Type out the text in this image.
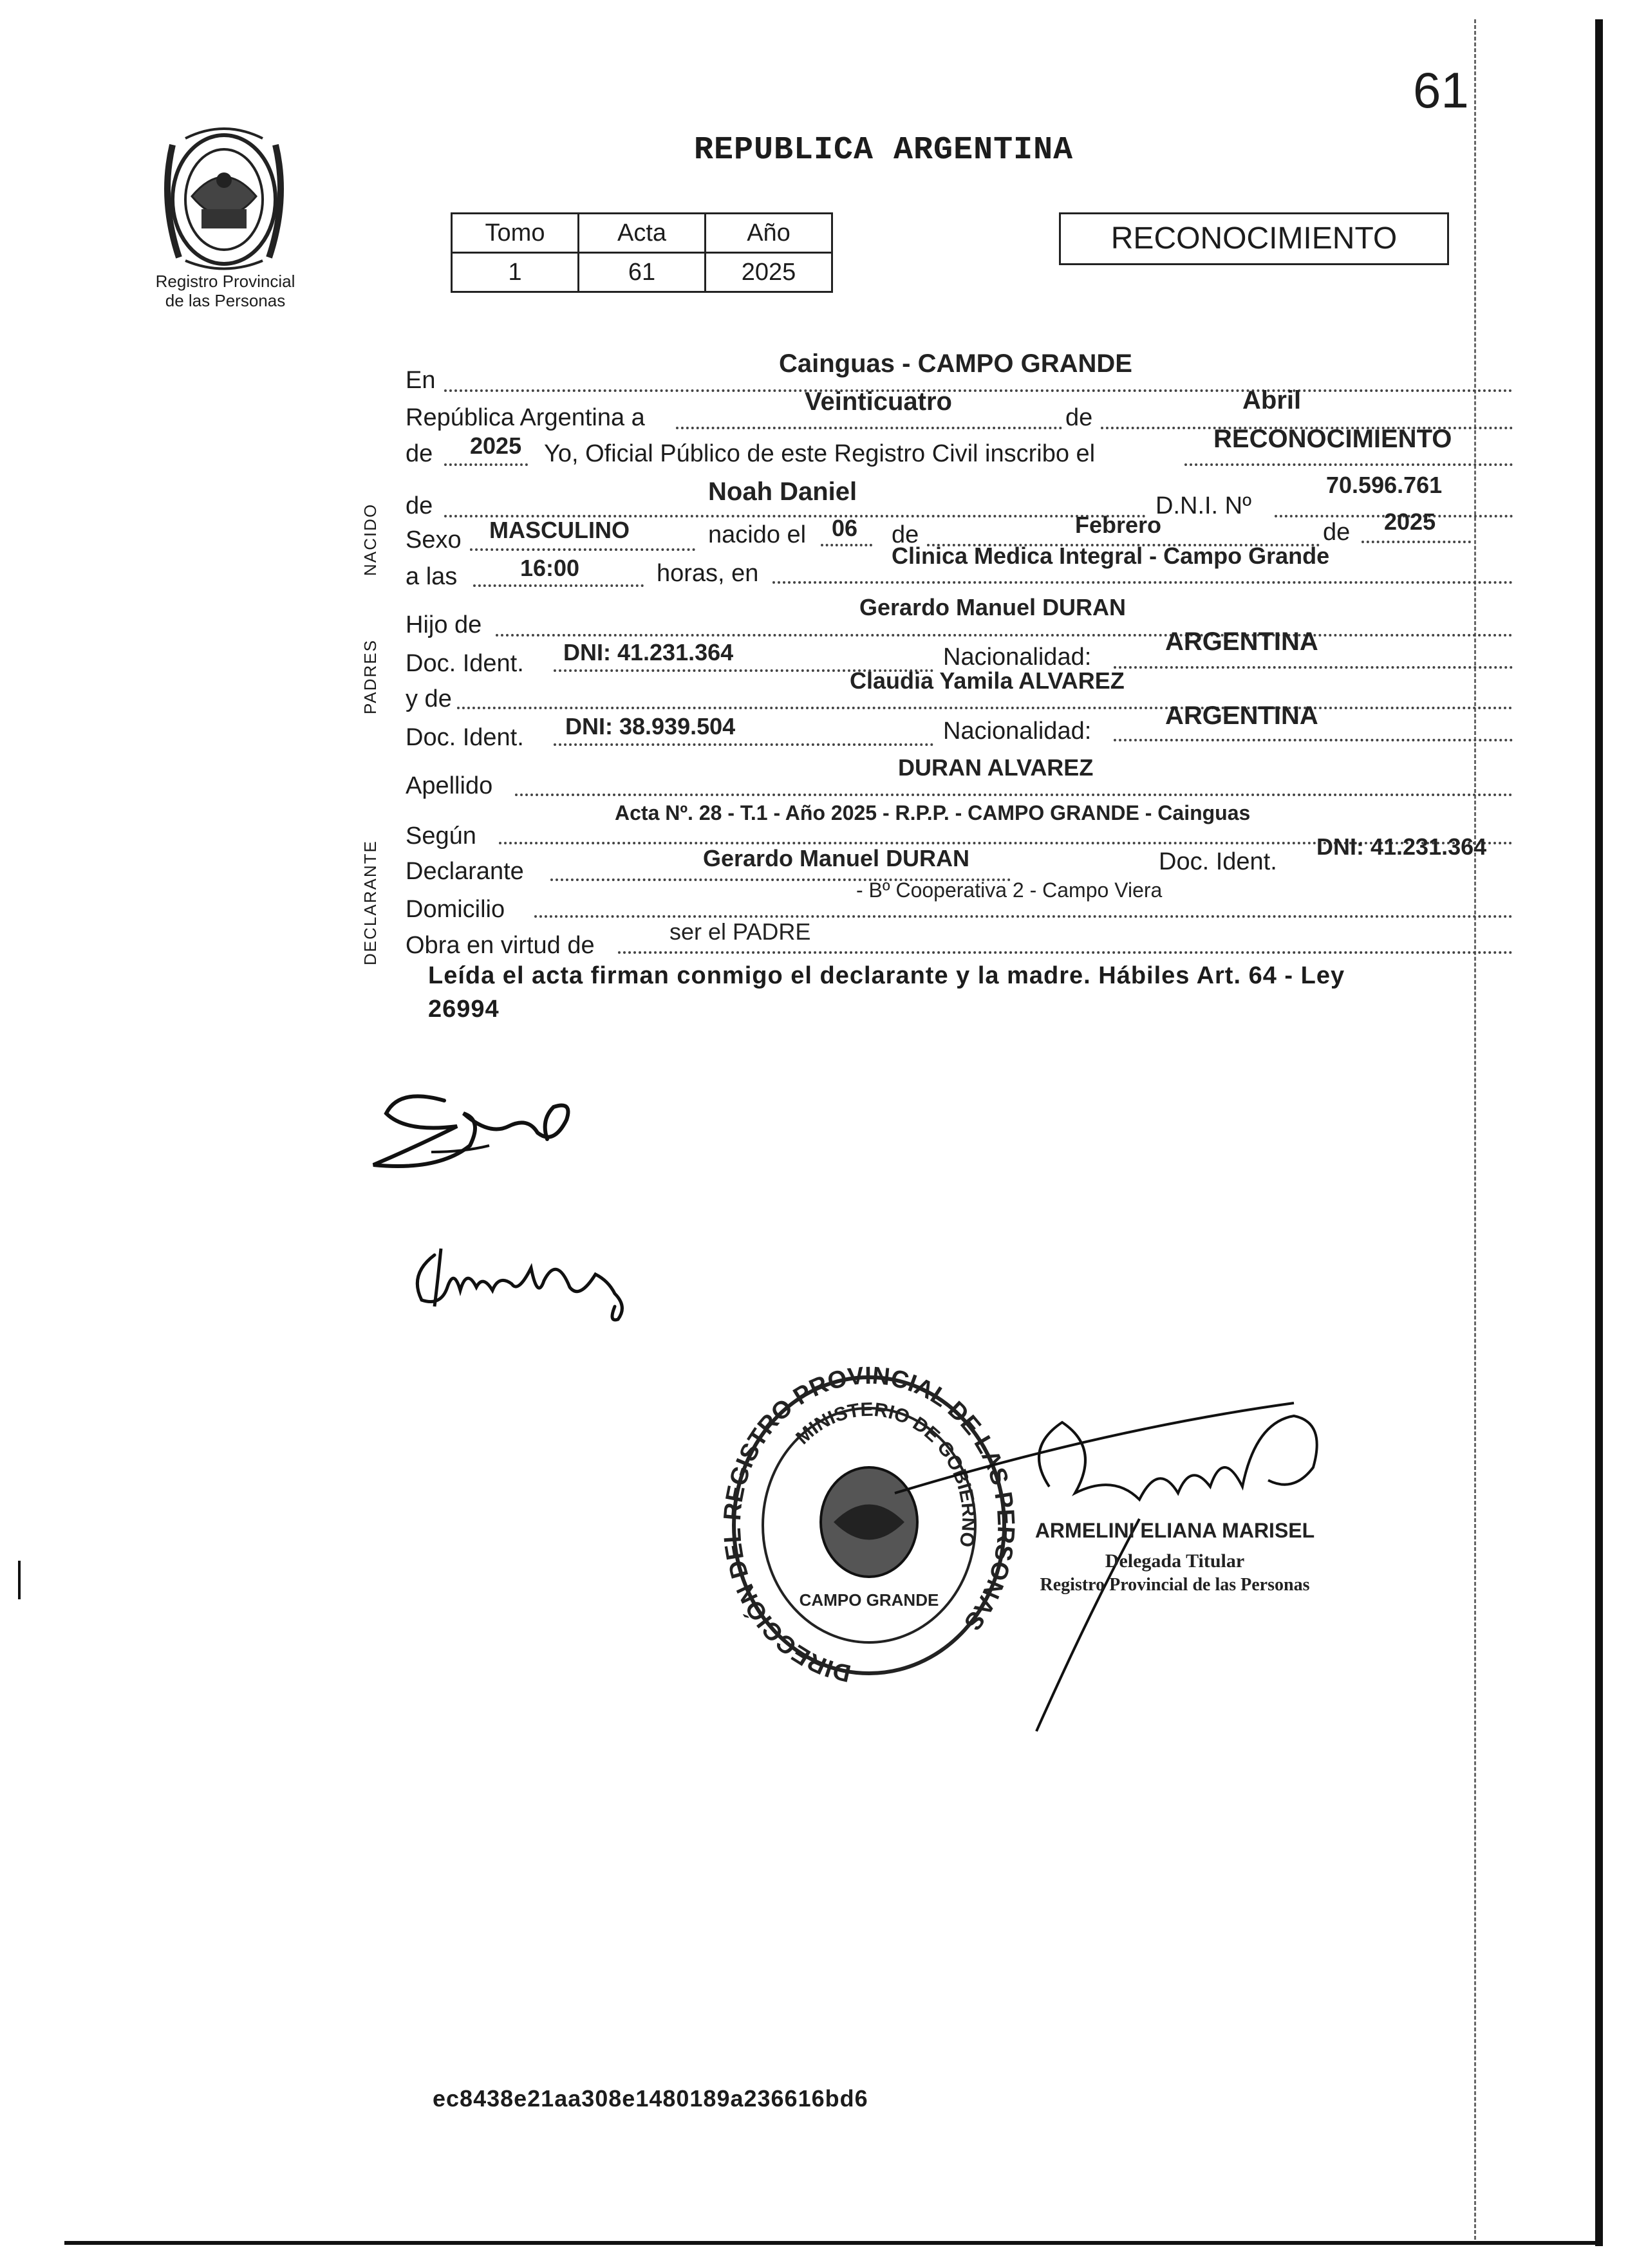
61
Registro Provincial
de las Personas
REPUBLICA ARGENTINA
Tomo	Acta	Año
1	61	2025
RECONOCIMIENTO
NACIDO
PADRES
DECLARANTE
En
Cainguas - CAMPO GRANDE
República Argentina a
Veinticuatro
de
Abril
de 2025 Yo, Oficial Público de este Registro Civil inscribo el
RECONOCIMIENTO
de	Noah Daniel	D.N.I. Nº
70.596.761
Sexo MASCULINO	nacido el 06 de	Febrero	de 2025
a las	16:00	horas, en
Clinica Medica Integral - Campo Grande
Hijo de
Gerardo Manuel DURAN
Doc. Ident. DNI: 41.231.364	Nacionalidad:
ARGENTINA
y de
Claudia Yamila ALVAREZ
Doc. Ident. DNI: 38.939.504	Nacionalidad:
ARGENTINA
Apellido
DURAN ALVAREZ
Según
Acta Nº. 28 - T.1 - Año 2025 - R.P.P. - CAMPO GRANDE - Cainguas
Declarante	Gerardo Manuel DURAN	Doc. Ident.
DNI: 41.231.364
Domicilio
- Bº Cooperativa 2 - Campo Viera
Obra en virtud de
ser el PADRE
Leída el acta firman conmigo el declarante y la madre. Hábiles Art. 64 - Ley
26994
DIRECCIÓN DEL REGISTRO PROVINCIAL DE LAS PERSONAS
MINISTERIO DE GOBIERNO
CAMPO GRANDE
ARMELINI ELIANA MARISEL
Delegada Titular
Registro Provincial de las Personas
ec8438e21aa308e1480189a236616bd6
